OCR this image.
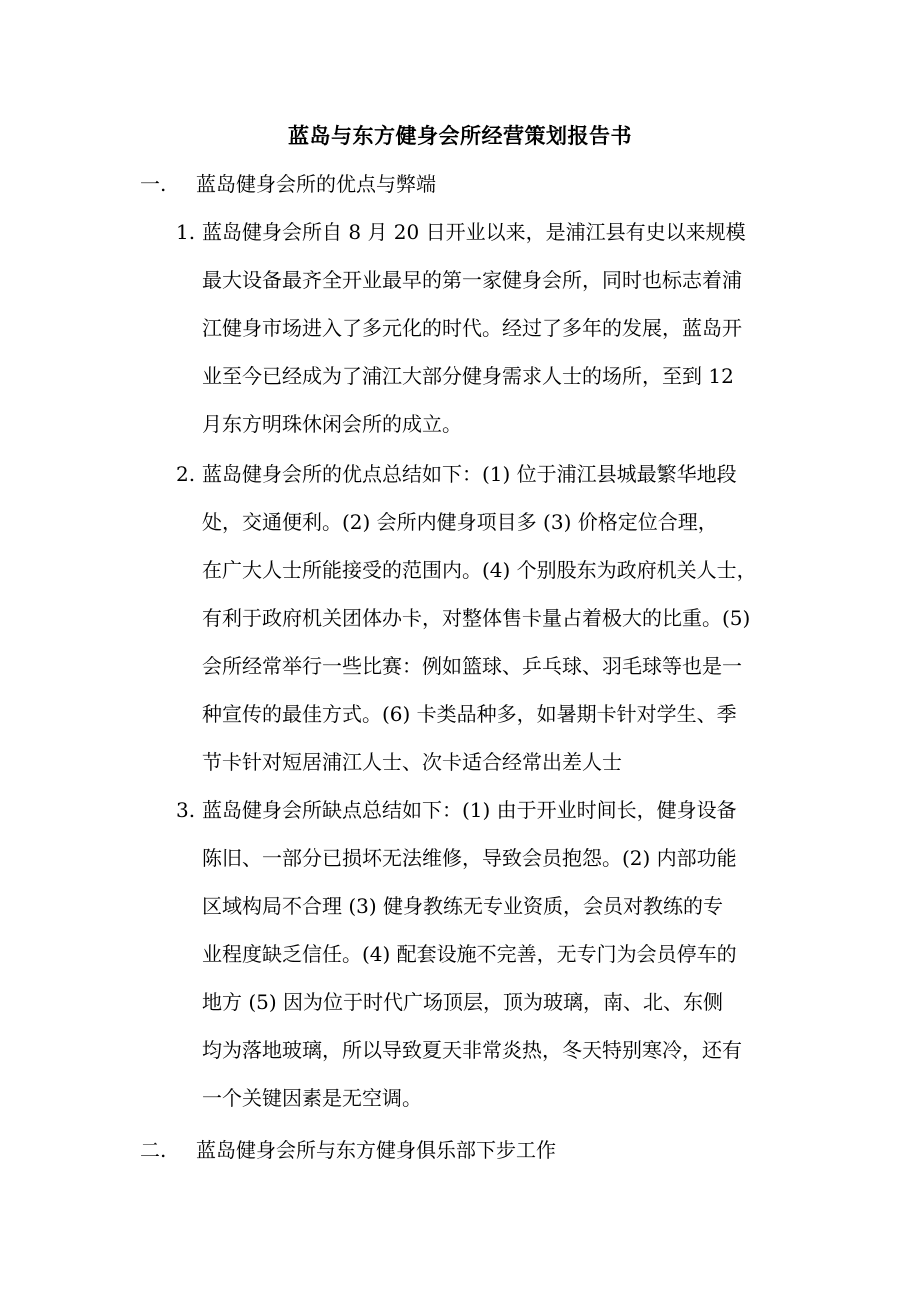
蓝岛与东方健身会所经营策划报告书
一. 蓝岛健身会所的优点与弊端
1. 蓝岛健身会所自 8 月 20 日开业以来，是浦江县有史以来规模
最大设备最齐全开业最早的第一家健身会所，同时也标志着浦
江健身市场进入了多元化的时代。经过了多年的发展，蓝岛开
业至今已经成为了浦江大部分健身需求人士的场所，至到 12
月东方明珠休闲会所的成立。
2. 蓝岛健身会所的优点总结如下：(1) 位于浦江县城最繁华地段
处，交通便利。(2) 会所内健身项目多 (3) 价格定位合理，
在广大人士所能接受的范围内。(4) 个别股东为政府机关人士，
有利于政府机关团体办卡，对整体售卡量占着极大的比重。(5)
会所经常举行一些比赛：例如篮球、乒乓球、羽毛球等也是一
种宣传的最佳方式。(6) 卡类品种多，如暑期卡针对学生、季
节卡针对短居浦江人士、次卡适合经常出差人士
3. 蓝岛健身会所缺点总结如下：(1) 由于开业时间长，健身设备
陈旧、一部分已损坏无法维修，导致会员抱怨。(2) 内部功能
区域构局不合理 (3) 健身教练无专业资质，会员对教练的专
业程度缺乏信任。(4) 配套设施不完善，无专门为会员停车的
地方 (5) 因为位于时代广场顶层，顶为玻璃，南、北、东侧
均为落地玻璃，所以导致夏天非常炎热，冬天特别寒冷，还有
一个关键因素是无空调。
二. 蓝岛健身会所与东方健身俱乐部下步工作
